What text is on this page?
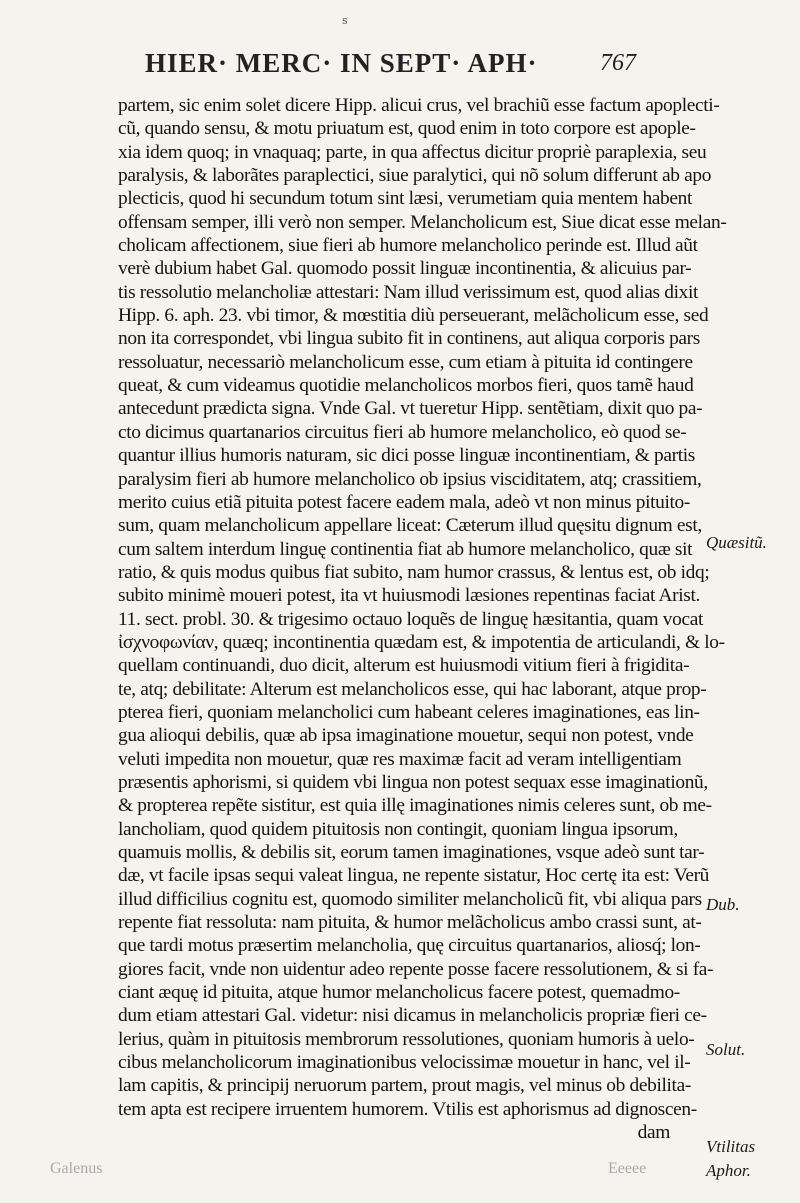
s
HIER· MERC· IN SEPT· APH·	767
partem, sic enim solet dicere Hipp. alicui crus, vel brachiũ esse factum apoplecti-
cũ, quando sensu, & motu priuatum est, quod enim in toto corpore est apople-
xia idem quoq; in vnaquaq; parte, in qua affectus dicitur propriè paraplexia, seu
paralysis, & laborãtes paraplectici, siue paralytici, qui nõ solum differunt ab apo
plecticis, quod hi secundum totum sint læsi, verumetiam quia mentem habent
offensam semper, illi verò non semper. Melancholicum est, Siue dicat esse melan-
cholicam affectionem, siue fieri ab humore melancholico perinde est. Illud aũt
verè dubium habet Gal. quomodo possit linguæ incontinentia, & alicuius par-
tis ressolutio melancholiæ attestari: Nam illud verissimum est, quod alias dixit
Hipp. 6. aph. 23. vbi timor, & mœstitia diù perseuerant, melãcholicum esse, sed
non ita correspondet, vbi lingua subito fit in continens, aut aliqua corporis pars
ressoluatur, necessariò melancholicum esse, cum etiam à pituita id contingere
queat, & cum videamus quotidie melancholicos morbos fieri, quos tamẽ haud
antecedunt prædicta signa. Vnde Gal. vt tueretur Hipp. sentẽtiam, dixit quo pa-
cto dicimus quartanarios circuitus fieri ab humore melancholico, eò quod se-
quantur illius humoris naturam, sic dici posse linguæ incontinentiam, & partis
paralysim fieri ab humore melancholico ob ipsius visciditatem, atq; crassitiem,
merito cuius etiã pituita potest facere eadem mala, adeò vt non minus pituito-
sum, quam melancholicum appellare liceat: Cæterum illud quęsitu dignum est,
cum saltem interdum linguę continentia fiat ab humore melancholico, quæ sit
ratio, & quis modus quibus fiat subito, nam humor crassus, & lentus est, ob idq;
subito minimè moueri potest, ita vt huiusmodi læsiones repentinas faciat Arist.
11. sect. probl. 30. & trigesimo octauo loquẽs de linguę hæsitantia, quam vocat
ἰσχνοφωνίαν, quæq; incontinentia quædam est, & impotentia de articulandi, & lo-
quellam continuandi, duo dicit, alterum est huiusmodi vitium fieri à frigidita-
te, atq; debilitate: Alterum est melancholicos esse, qui hac laborant, atque prop-
pterea fieri, quoniam melancholici cum habeant celeres imaginationes, eas lin-
gua alioqui debilis, quæ ab ipsa imaginatione mouetur, sequi non potest, vnde
veluti impedita non mouetur, quæ res maximæ facit ad veram intelligentiam
præsentis aphorismi, si quidem vbi lingua non potest sequax esse imaginationũ,
& propterea repẽte sistitur, est quia illę imaginationes nimis celeres sunt, ob me-
lancholiam, quod quidem pituitosis non contingit, quoniam lingua ipsorum,
quamuis mollis, & debilis sit, eorum tamen imaginationes, vsque adeò sunt tar-
dæ, vt facile ipsas sequi valeat lingua, ne repente sistatur, Hoc certę ita est: Verũ
illud difficilius cognitu est, quomodo similiter melancholicũ fit, vbi aliqua pars
repente fiat ressoluta: nam pituita, & humor melãcholicus ambo crassi sunt, at-
que tardi motus præsertim melancholia, quę circuitus quartanarios, aliosq́; lon-
giores facit, vnde non uidentur adeo repente posse facere ressolutionem, & si fa-
ciant æquę id pituita, atque humor melancholicus facere potest, quemadmo-
dum etiam attestari Gal. videtur: nisi dicamus in melancholicis propriæ fieri ce-
lerius, quàm in pituitosis membrorum ressolutiones, quoniam humoris à uelo-
cibus melancholicorum imaginationibus velocissimæ mouetur in hanc, vel il-
lam capitis, & principij neruorum partem, prout magis, vel minus ob debilita-
tem apta est recipere irruentem humorem. Vtilis est aphorismus ad dignoscen-
dam
Quæsitũ.
Dub.
Solut.
Vtilitas
Aphor.
Galenus	Eeeee
